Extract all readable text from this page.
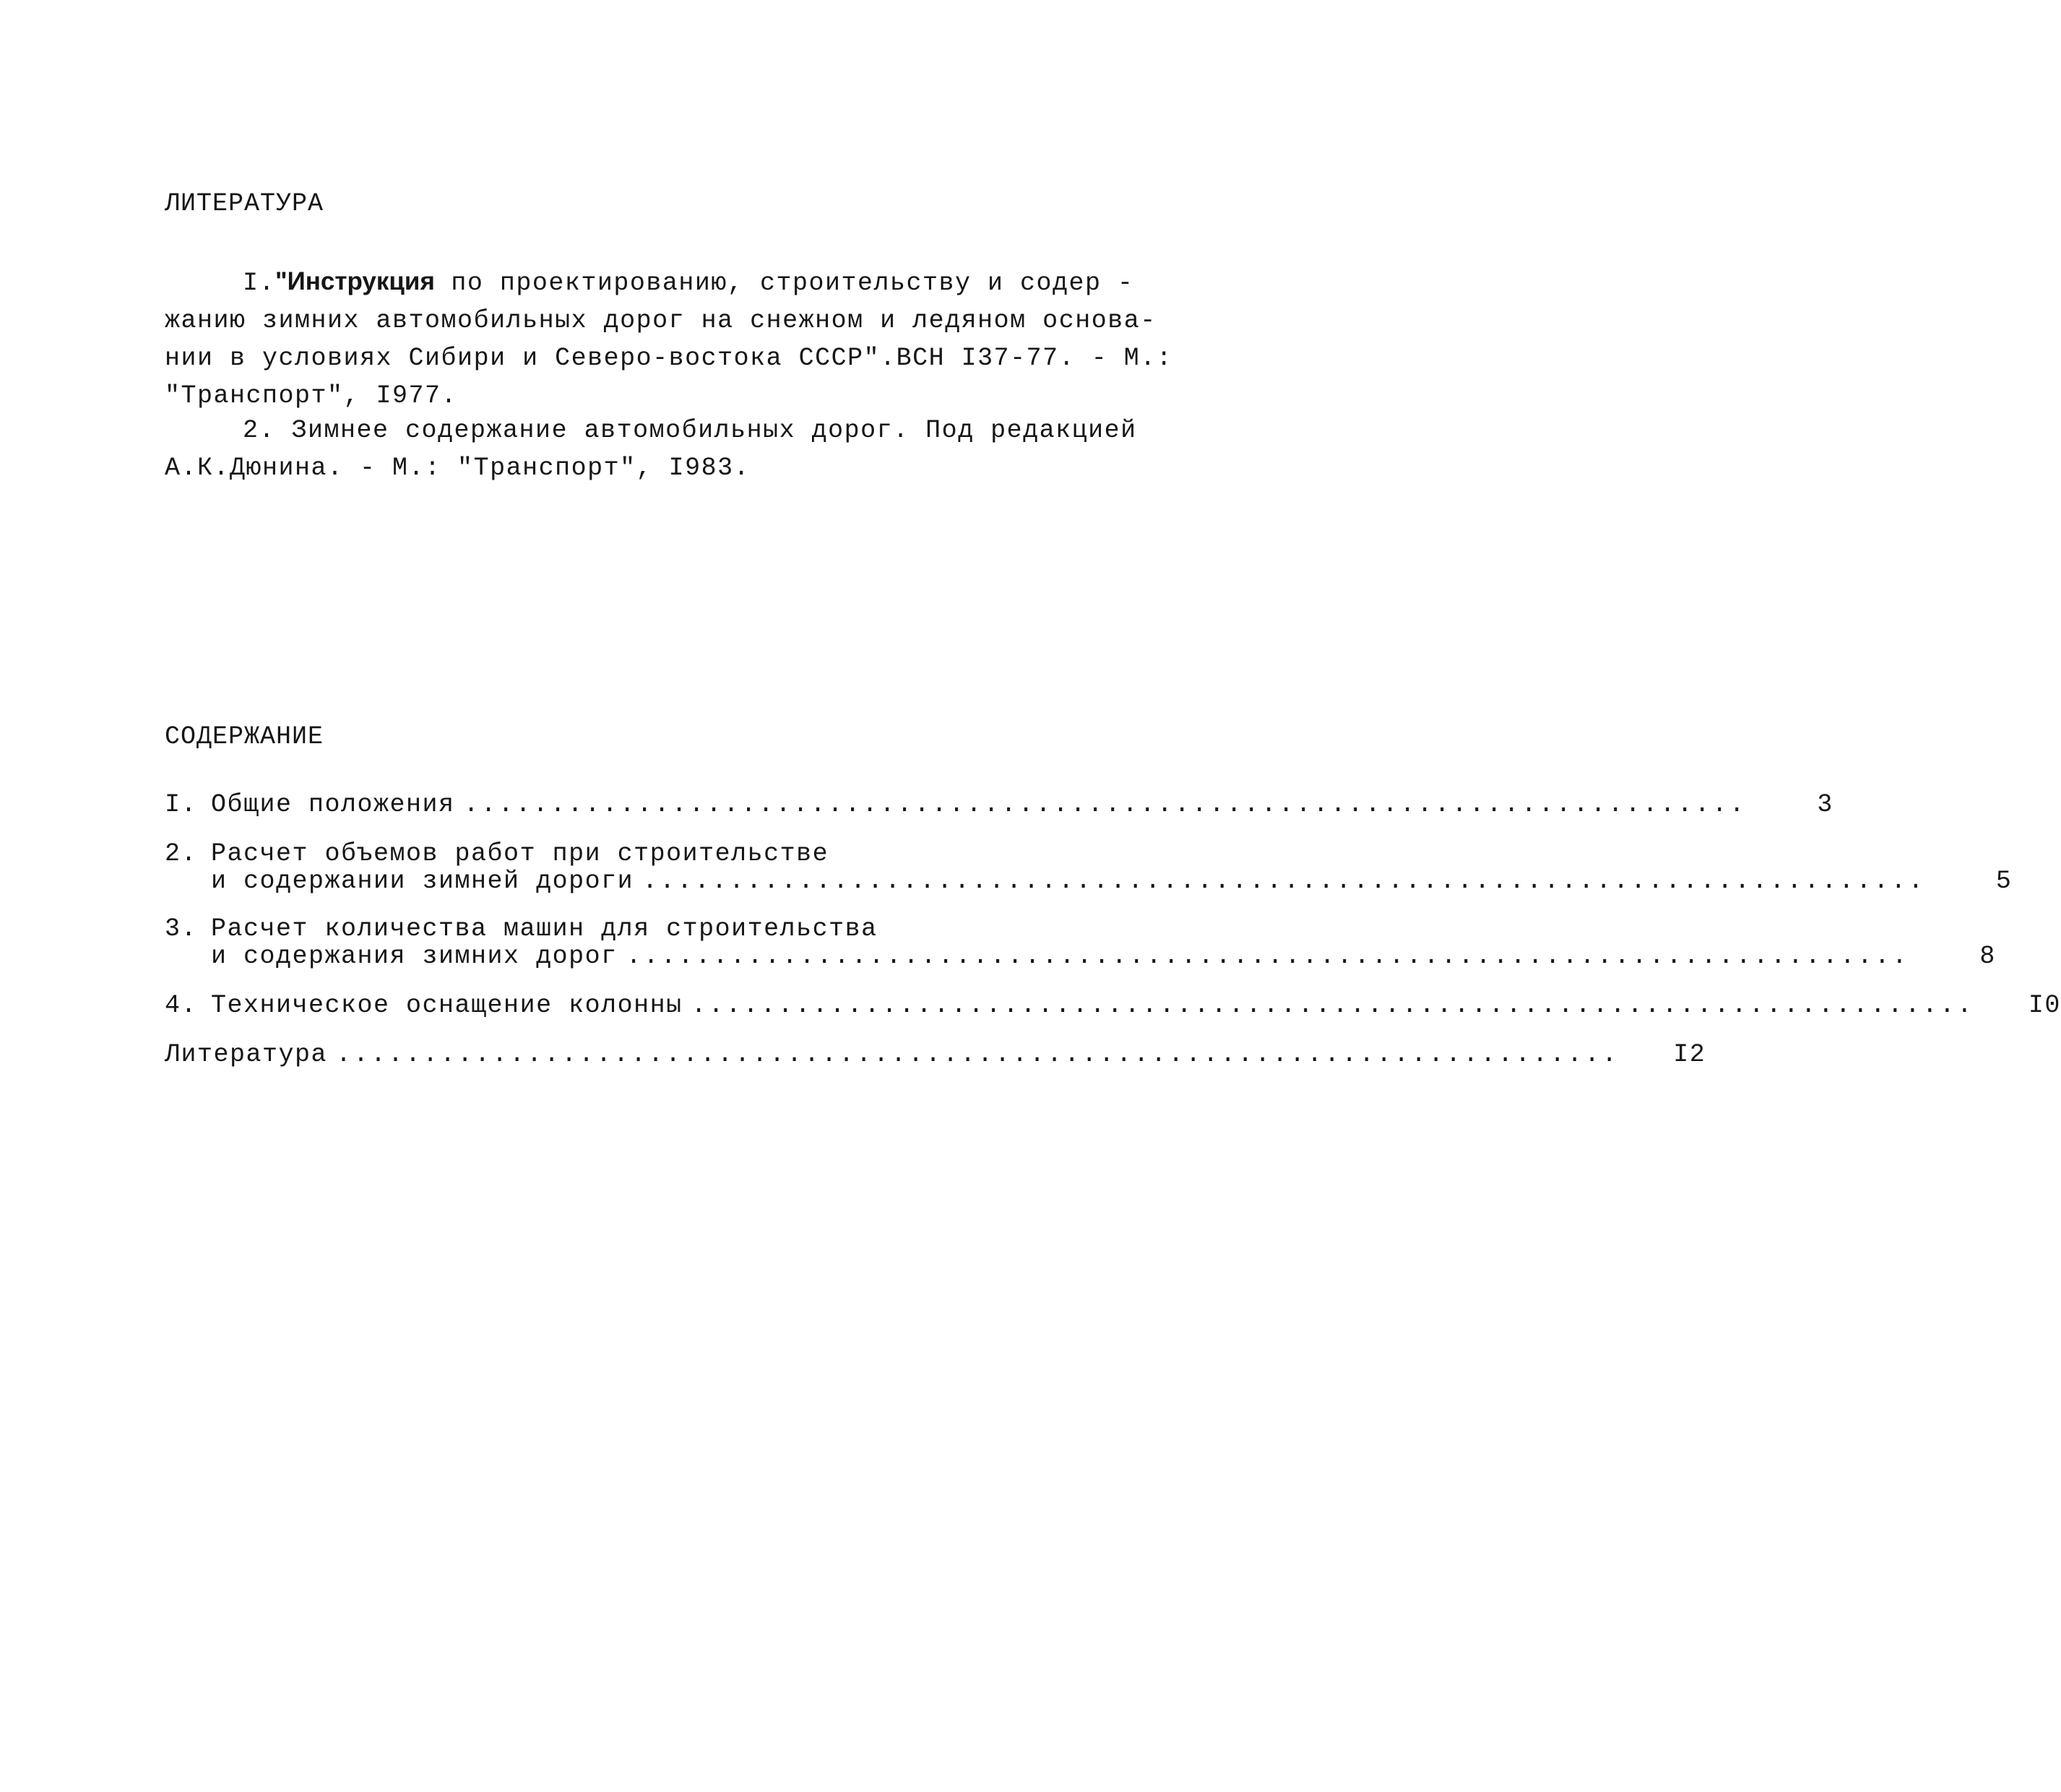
ЛИТЕРАТУРА
I."Инструкция по проектированию, строительству и содер -
жанию зимних автомобильных дорог на снежном и ледяном основа-
нии в условиях Сибири и Северо-востока СССР".ВСН I37-77. - М.:
"Транспорт", I977.
2. Зимнее содержание автомобильных дорог. Под редакцией
А.К.Дюнина. - М.: "Транспорт", I983.
СОДЕРЖАНИЕ
I. Общие положения ..........................................................................	3
2. Расчет объемов работ при строительстве
и содержании зимней дороги ..........................................................................	5
3. Расчет количества машин для строительства
и содержания зимних дорог ..........................................................................	8
4. Техническое оснащение колонны ..........................................................................	I0
Литература ..........................................................................	I2
